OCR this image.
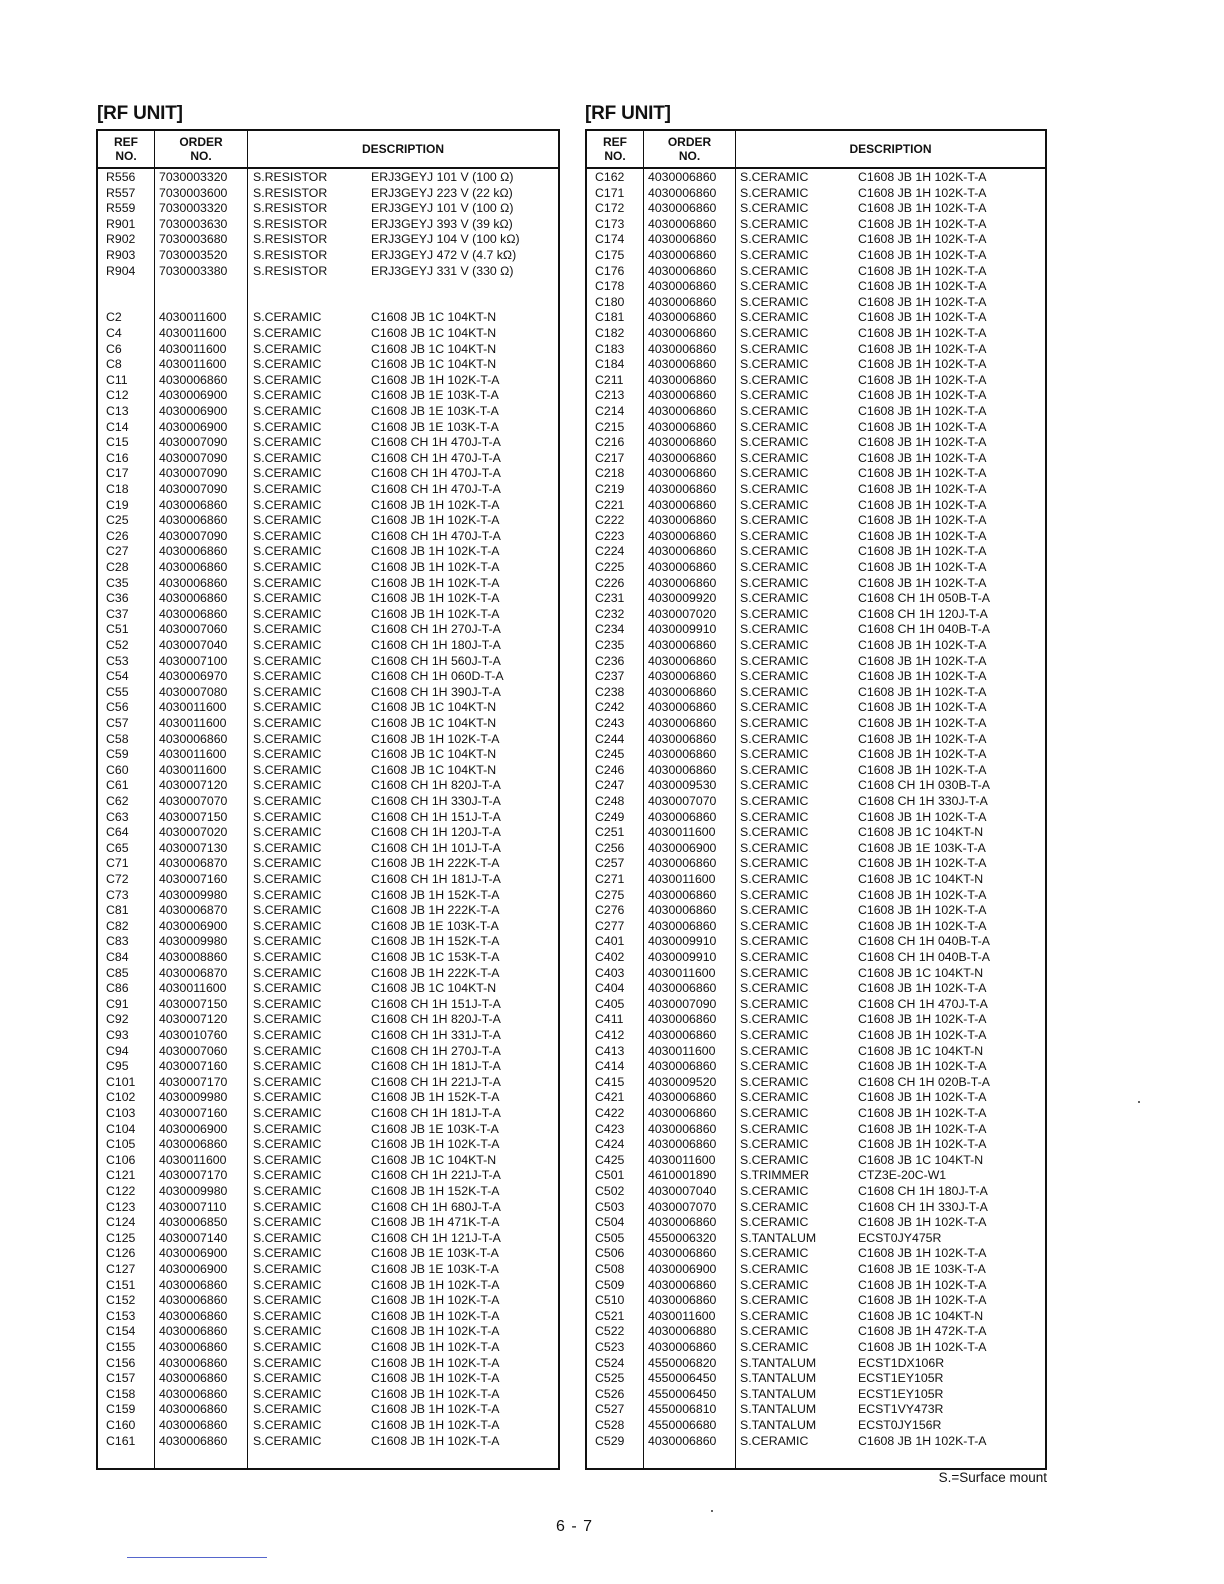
[RF UNIT]	[RF UNIT]
REF
NO.
ORDER
NO.	DESCRIPTION
R556 7030003320 S.RESISTOR	ERJ3GEYJ 101 V (100 Ω)
R557 7030003600 S.RESISTOR	ERJ3GEYJ 223 V (22 kΩ)
R559 7030003320 S.RESISTOR	ERJ3GEYJ 101 V (100 Ω)
R901 7030003630 S.RESISTOR	ERJ3GEYJ 393 V (39 kΩ)
R902 7030003680 S.RESISTOR	ERJ3GEYJ 104 V (100 kΩ)
R903 7030003520 S.RESISTOR	ERJ3GEYJ 472 V (4.7 kΩ)
R904 7030003380 S.RESISTOR	ERJ3GEYJ 331 V (330 Ω)
C2	4030011600 S.CERAMIC	C1608 JB 1C 104KT-N
C4	4030011600 S.CERAMIC	C1608 JB 1C 104KT-N
C6	4030011600 S.CERAMIC	C1608 JB 1C 104KT-N
C8	4030011600 S.CERAMIC	C1608 JB 1C 104KT-N
C11	4030006860 S.CERAMIC	C1608 JB 1H 102K-T-A
C12 4030006900 S.CERAMIC	C1608 JB 1E 103K-T-A
C13 4030006900 S.CERAMIC	C1608 JB 1E 103K-T-A
C14 4030006900 S.CERAMIC	C1608 JB 1E 103K-T-A
C15 4030007090 S.CERAMIC	C1608 CH 1H 470J-T-A
C16 4030007090 S.CERAMIC	C1608 CH 1H 470J-T-A
C17 4030007090 S.CERAMIC	C1608 CH 1H 470J-T-A
C18 4030007090 S.CERAMIC	C1608 CH 1H 470J-T-A
C19 4030006860 S.CERAMIC	C1608 JB 1H 102K-T-A
C25 4030006860 S.CERAMIC	C1608 JB 1H 102K-T-A
C26 4030007090 S.CERAMIC	C1608 CH 1H 470J-T-A
C27 4030006860 S.CERAMIC	C1608 JB 1H 102K-T-A
C28 4030006860 S.CERAMIC	C1608 JB 1H 102K-T-A
C35 4030006860 S.CERAMIC	C1608 JB 1H 102K-T-A
C36 4030006860 S.CERAMIC	C1608 JB 1H 102K-T-A
C37 4030006860 S.CERAMIC	C1608 JB 1H 102K-T-A
C51 4030007060 S.CERAMIC	C1608 CH 1H 270J-T-A
C52 4030007040 S.CERAMIC	C1608 CH 1H 180J-T-A
C53 4030007100 S.CERAMIC	C1608 CH 1H 560J-T-A
C54 4030006970 S.CERAMIC	C1608 CH 1H 060D-T-A
C55 4030007080 S.CERAMIC	C1608 CH 1H 390J-T-A
C56 4030011600 S.CERAMIC	C1608 JB 1C 104KT-N
C57 4030011600 S.CERAMIC	C1608 JB 1C 104KT-N
C58 4030006860 S.CERAMIC	C1608 JB 1H 102K-T-A
C59 4030011600 S.CERAMIC	C1608 JB 1C 104KT-N
C60 4030011600 S.CERAMIC	C1608 JB 1C 104KT-N
C61 4030007120 S.CERAMIC	C1608 CH 1H 820J-T-A
C62 4030007070 S.CERAMIC	C1608 CH 1H 330J-T-A
C63 4030007150 S.CERAMIC	C1608 CH 1H 151J-T-A
C64 4030007020 S.CERAMIC	C1608 CH 1H 120J-T-A
C65 4030007130 S.CERAMIC	C1608 CH 1H 101J-T-A
C71 4030006870 S.CERAMIC	C1608 JB 1H 222K-T-A
C72 4030007160 S.CERAMIC	C1608 CH 1H 181J-T-A
C73 4030009980 S.CERAMIC	C1608 JB 1H 152K-T-A
C81 4030006870 S.CERAMIC	C1608 JB 1H 222K-T-A
C82 4030006900 S.CERAMIC	C1608 JB 1E 103K-T-A
C83 4030009980 S.CERAMIC	C1608 JB 1H 152K-T-A
C84 4030008860 S.CERAMIC	C1608 JB 1C 153K-T-A
C85 4030006870 S.CERAMIC	C1608 JB 1H 222K-T-A
C86 4030011600 S.CERAMIC	C1608 JB 1C 104KT-N
C91 4030007150 S.CERAMIC	C1608 CH 1H 151J-T-A
C92 4030007120 S.CERAMIC	C1608 CH 1H 820J-T-A
C93 4030010760 S.CERAMIC	C1608 CH 1H 331J-T-A
C94 4030007060 S.CERAMIC	C1608 CH 1H 270J-T-A
C95 4030007160 S.CERAMIC	C1608 CH 1H 181J-T-A
C101 4030007170 S.CERAMIC	C1608 CH 1H 221J-T-A
C102 4030009980 S.CERAMIC	C1608 JB 1H 152K-T-A
C103 4030007160 S.CERAMIC	C1608 CH 1H 181J-T-A
C104 4030006900 S.CERAMIC	C1608 JB 1E 103K-T-A
C105 4030006860 S.CERAMIC	C1608 JB 1H 102K-T-A
C106 4030011600 S.CERAMIC	C1608 JB 1C 104KT-N
C121 4030007170 S.CERAMIC	C1608 CH 1H 221J-T-A
C122 4030009980 S.CERAMIC	C1608 JB 1H 152K-T-A
C123 4030007110 S.CERAMIC	C1608 CH 1H 680J-T-A
C124 4030006850 S.CERAMIC	C1608 JB 1H 471K-T-A
C125 4030007140 S.CERAMIC	C1608 CH 1H 121J-T-A
C126 4030006900 S.CERAMIC	C1608 JB 1E 103K-T-A
C127 4030006900 S.CERAMIC	C1608 JB 1E 103K-T-A
C151 4030006860 S.CERAMIC	C1608 JB 1H 102K-T-A
C152 4030006860 S.CERAMIC	C1608 JB 1H 102K-T-A
C153 4030006860 S.CERAMIC	C1608 JB 1H 102K-T-A
C154 4030006860 S.CERAMIC	C1608 JB 1H 102K-T-A
C155 4030006860 S.CERAMIC	C1608 JB 1H 102K-T-A
C156 4030006860 S.CERAMIC	C1608 JB 1H 102K-T-A
C157 4030006860 S.CERAMIC	C1608 JB 1H 102K-T-A
C158 4030006860 S.CERAMIC	C1608 JB 1H 102K-T-A
C159 4030006860 S.CERAMIC	C1608 JB 1H 102K-T-A
C160 4030006860 S.CERAMIC	C1608 JB 1H 102K-T-A
C161 4030006860 S.CERAMIC	C1608 JB 1H 102K-T-A
REF
NO.
ORDER
NO.	DESCRIPTION
C162 4030006860 S.CERAMIC	C1608 JB 1H 102K-T-A
C171 4030006860 S.CERAMIC	C1608 JB 1H 102K-T-A
C172 4030006860 S.CERAMIC	C1608 JB 1H 102K-T-A
C173 4030006860 S.CERAMIC	C1608 JB 1H 102K-T-A
C174 4030006860 S.CERAMIC	C1608 JB 1H 102K-T-A
C175 4030006860 S.CERAMIC	C1608 JB 1H 102K-T-A
C176 4030006860 S.CERAMIC	C1608 JB 1H 102K-T-A
C178 4030006860 S.CERAMIC	C1608 JB 1H 102K-T-A
C180 4030006860 S.CERAMIC	C1608 JB 1H 102K-T-A
C181 4030006860 S.CERAMIC	C1608 JB 1H 102K-T-A
C182 4030006860 S.CERAMIC	C1608 JB 1H 102K-T-A
C183 4030006860 S.CERAMIC	C1608 JB 1H 102K-T-A
C184 4030006860 S.CERAMIC	C1608 JB 1H 102K-T-A
C211 4030006860 S.CERAMIC	C1608 JB 1H 102K-T-A
C213 4030006860 S.CERAMIC	C1608 JB 1H 102K-T-A
C214 4030006860 S.CERAMIC	C1608 JB 1H 102K-T-A
C215 4030006860 S.CERAMIC	C1608 JB 1H 102K-T-A
C216 4030006860 S.CERAMIC	C1608 JB 1H 102K-T-A
C217 4030006860 S.CERAMIC	C1608 JB 1H 102K-T-A
C218 4030006860 S.CERAMIC	C1608 JB 1H 102K-T-A
C219 4030006860 S.CERAMIC	C1608 JB 1H 102K-T-A
C221 4030006860 S.CERAMIC	C1608 JB 1H 102K-T-A
C222 4030006860 S.CERAMIC	C1608 JB 1H 102K-T-A
C223 4030006860 S.CERAMIC	C1608 JB 1H 102K-T-A
C224 4030006860 S.CERAMIC	C1608 JB 1H 102K-T-A
C225 4030006860 S.CERAMIC	C1608 JB 1H 102K-T-A
C226 4030006860 S.CERAMIC	C1608 JB 1H 102K-T-A
C231 4030009920 S.CERAMIC	C1608 CH 1H 050B-T-A
C232 4030007020 S.CERAMIC	C1608 CH 1H 120J-T-A
C234 4030009910 S.CERAMIC	C1608 CH 1H 040B-T-A
C235 4030006860 S.CERAMIC	C1608 JB 1H 102K-T-A
C236 4030006860 S.CERAMIC	C1608 JB 1H 102K-T-A
C237 4030006860 S.CERAMIC	C1608 JB 1H 102K-T-A
C238 4030006860 S.CERAMIC	C1608 JB 1H 102K-T-A
C242 4030006860 S.CERAMIC	C1608 JB 1H 102K-T-A
C243 4030006860 S.CERAMIC	C1608 JB 1H 102K-T-A
C244 4030006860 S.CERAMIC	C1608 JB 1H 102K-T-A
C245 4030006860 S.CERAMIC	C1608 JB 1H 102K-T-A
C246 4030006860 S.CERAMIC	C1608 JB 1H 102K-T-A
C247 4030009530 S.CERAMIC	C1608 CH 1H 030B-T-A
C248 4030007070 S.CERAMIC	C1608 CH 1H 330J-T-A
C249 4030006860 S.CERAMIC	C1608 JB 1H 102K-T-A
C251 4030011600 S.CERAMIC	C1608 JB 1C 104KT-N
C256 4030006900 S.CERAMIC	C1608 JB 1E 103K-T-A
C257 4030006860 S.CERAMIC	C1608 JB 1H 102K-T-A
C271 4030011600 S.CERAMIC	C1608 JB 1C 104KT-N
C275 4030006860 S.CERAMIC	C1608 JB 1H 102K-T-A
C276 4030006860 S.CERAMIC	C1608 JB 1H 102K-T-A
C277 4030006860 S.CERAMIC	C1608 JB 1H 102K-T-A
C401 4030009910 S.CERAMIC	C1608 CH 1H 040B-T-A
C402 4030009910 S.CERAMIC	C1608 CH 1H 040B-T-A
C403 4030011600 S.CERAMIC	C1608 JB 1C 104KT-N
C404 4030006860 S.CERAMIC	C1608 JB 1H 102K-T-A
C405 4030007090 S.CERAMIC	C1608 CH 1H 470J-T-A
C411 4030006860 S.CERAMIC	C1608 JB 1H 102K-T-A
C412 4030006860 S.CERAMIC	C1608 JB 1H 102K-T-A
C413 4030011600 S.CERAMIC	C1608 JB 1C 104KT-N
C414 4030006860 S.CERAMIC	C1608 JB 1H 102K-T-A
C415 4030009520 S.CERAMIC	C1608 CH 1H 020B-T-A
C421 4030006860 S.CERAMIC	C1608 JB 1H 102K-T-A
C422 4030006860 S.CERAMIC	C1608 JB 1H 102K-T-A
C423 4030006860 S.CERAMIC	C1608 JB 1H 102K-T-A
C424 4030006860 S.CERAMIC	C1608 JB 1H 102K-T-A
C425 4030011600 S.CERAMIC	C1608 JB 1C 104KT-N
C501 4610001890 S.TRIMMER	CTZ3E-20C-W1
C502 4030007040 S.CERAMIC	C1608 CH 1H 180J-T-A
C503 4030007070 S.CERAMIC	C1608 CH 1H 330J-T-A
C504 4030006860 S.CERAMIC	C1608 JB 1H 102K-T-A
C505 4550006320 S.TANTALUM	ECST0JY475R
C506 4030006860 S.CERAMIC	C1608 JB 1H 102K-T-A
C508 4030006900 S.CERAMIC	C1608 JB 1E 103K-T-A
C509 4030006860 S.CERAMIC	C1608 JB 1H 102K-T-A
C510 4030006860 S.CERAMIC	C1608 JB 1H 102K-T-A
C521 4030011600 S.CERAMIC	C1608 JB 1C 104KT-N
C522 4030006880 S.CERAMIC	C1608 JB 1H 472K-T-A
C523 4030006860 S.CERAMIC	C1608 JB 1H 102K-T-A
C524 4550006820 S.TANTALUM	ECST1DX106R
C525 4550006450 S.TANTALUM	ECST1EY105R
C526 4550006450 S.TANTALUM	ECST1EY105R
C527 4550006810 S.TANTALUM	ECST1VY473R
C528 4550006680 S.TANTALUM	ECST0JY156R
C529 4030006860 S.CERAMIC	C1608 JB 1H 102K-T-A
S.=Surface mount
6 - 7
